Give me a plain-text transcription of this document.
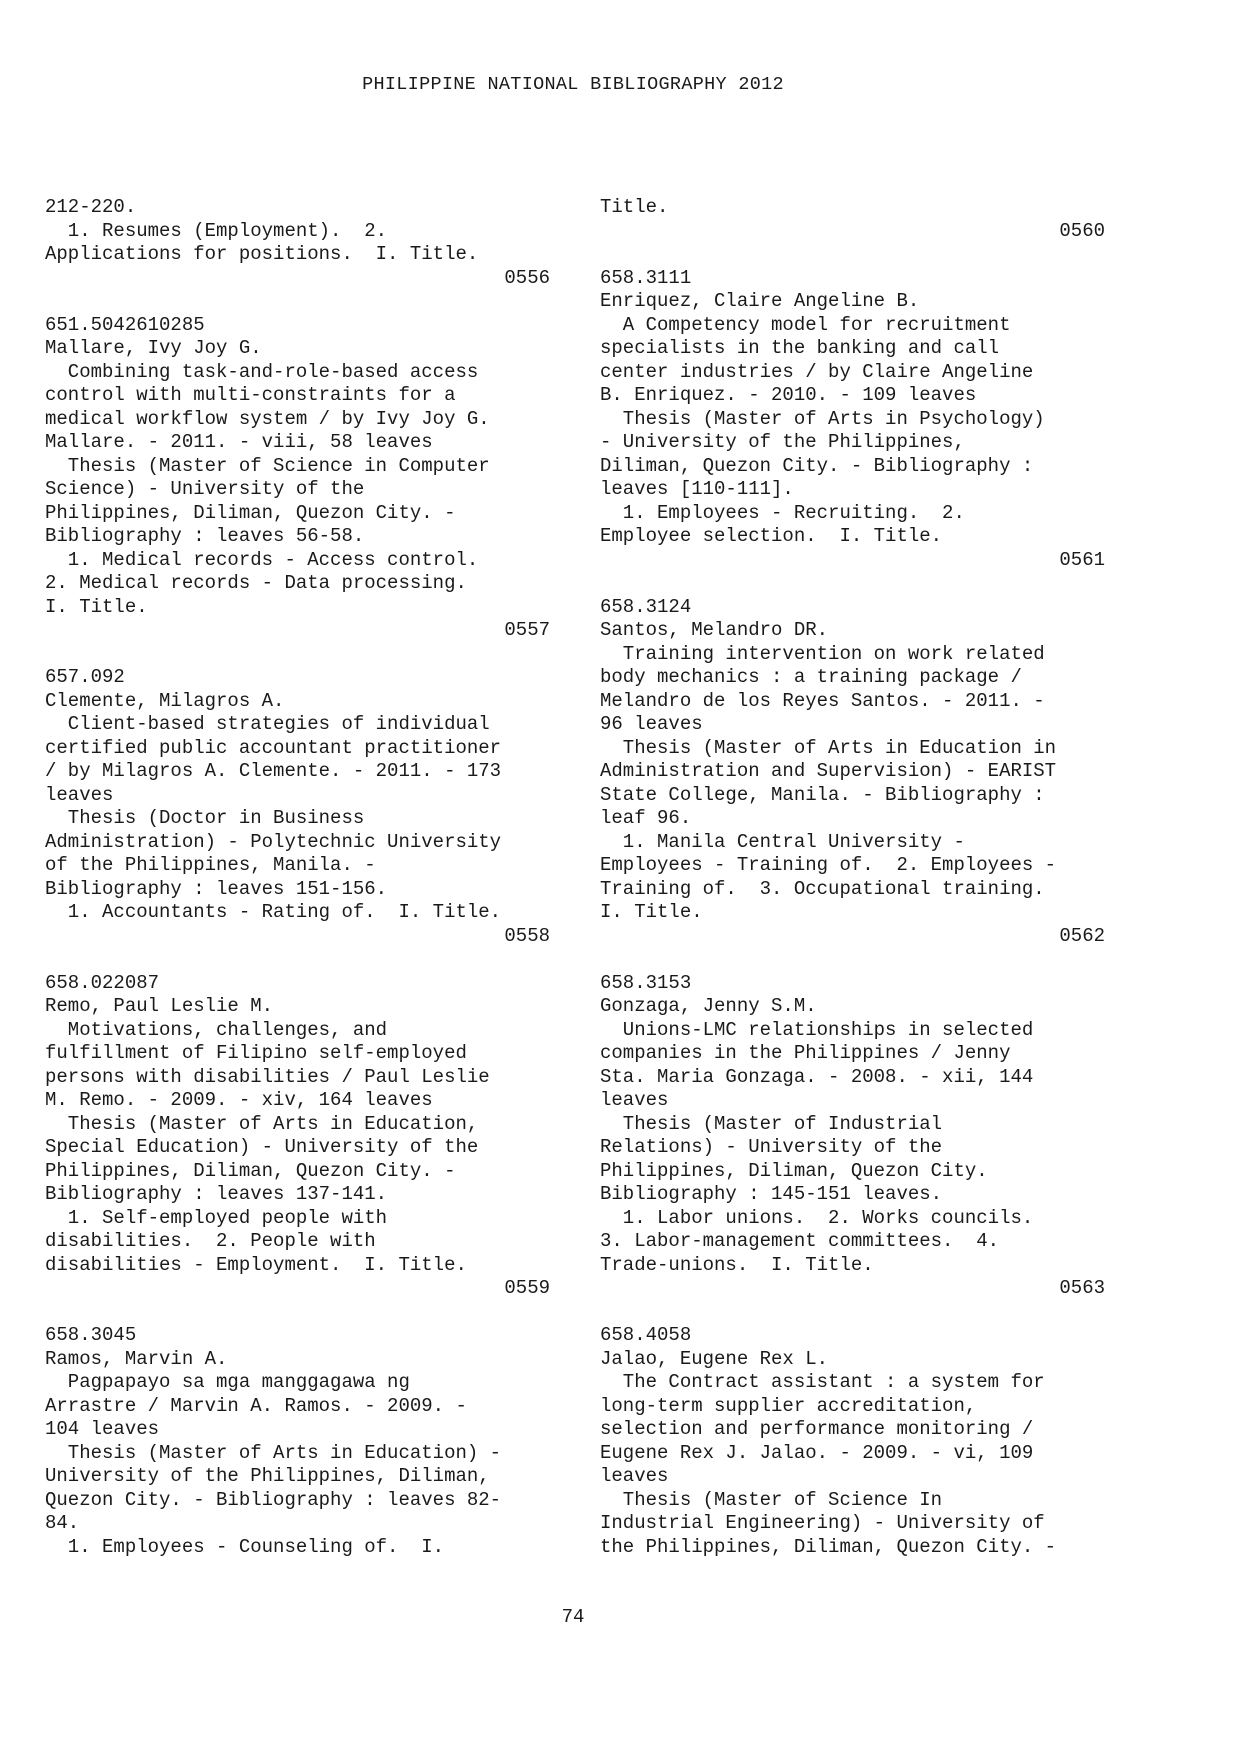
PHILIPPINE NATIONAL BIBLIOGRAPHY 2012
212-220.
1. Resumes (Employment).  2.
Applications for positions.  I. Title.
0556
651.5042610285
Mallare, Ivy Joy G.
Combining task-and-role-based access
control with multi-constraints for a
medical workflow system / by Ivy Joy G.
Mallare. - 2011. - viii, 58 leaves
Thesis (Master of Science in Computer
Science) - University of the
Philippines, Diliman, Quezon City. -
Bibliography : leaves 56-58.
1. Medical records - Access control.
2. Medical records - Data processing.
I. Title.
0557
657.092
Clemente, Milagros A.
Client-based strategies of individual
certified public accountant practitioner
/ by Milagros A. Clemente. - 2011. - 173
leaves
Thesis (Doctor in Business
Administration) - Polytechnic University
of the Philippines, Manila. -
Bibliography : leaves 151-156.
1. Accountants - Rating of.  I. Title.
0558
658.022087
Remo, Paul Leslie M.
Motivations, challenges, and
fulfillment of Filipino self-employed
persons with disabilities / Paul Leslie
M. Remo. - 2009. - xiv, 164 leaves
Thesis (Master of Arts in Education,
Special Education) - University of the
Philippines, Diliman, Quezon City. -
Bibliography : leaves 137-141.
1. Self-employed people with
disabilities.  2. People with
disabilities - Employment.  I. Title.
0559
658.3045
Ramos, Marvin A.
Pagpapayo sa mga manggagawa ng
Arrastre / Marvin A. Ramos. - 2009. -
104 leaves
Thesis (Master of Arts in Education) -
University of the Philippines, Diliman,
Quezon City. - Bibliography : leaves 82-
84.
1. Employees - Counseling of.  I.
Title.
0560
658.3111
Enriquez, Claire Angeline B.
A Competency model for recruitment
specialists in the banking and call
center industries / by Claire Angeline
B. Enriquez. - 2010. - 109 leaves
Thesis (Master of Arts in Psychology)
- University of the Philippines,
Diliman, Quezon City. - Bibliography :
leaves [110-111].
1. Employees - Recruiting.  2.
Employee selection.  I. Title.
0561
658.3124
Santos, Melandro DR.
Training intervention on work related
body mechanics : a training package /
Melandro de los Reyes Santos. - 2011. -
96 leaves
Thesis (Master of Arts in Education in
Administration and Supervision) - EARIST
State College, Manila. - Bibliography :
leaf 96.
1. Manila Central University -
Employees - Training of.  2. Employees -
Training of.  3. Occupational training.
I. Title.
0562
658.3153
Gonzaga, Jenny S.M.
Unions-LMC relationships in selected
companies in the Philippines / Jenny
Sta. Maria Gonzaga. - 2008. - xii, 144
leaves
Thesis (Master of Industrial
Relations) - University of the
Philippines, Diliman, Quezon City.
Bibliography : 145-151 leaves.
1. Labor unions.  2. Works councils.
3. Labor-management committees.  4.
Trade-unions.  I. Title.
0563
658.4058
Jalao, Eugene Rex L.
The Contract assistant : a system for
long-term supplier accreditation,
selection and performance monitoring /
Eugene Rex J. Jalao. - 2009. - vi, 109
leaves
Thesis (Master of Science In
Industrial Engineering) - University of
the Philippines, Diliman, Quezon City. -
74
